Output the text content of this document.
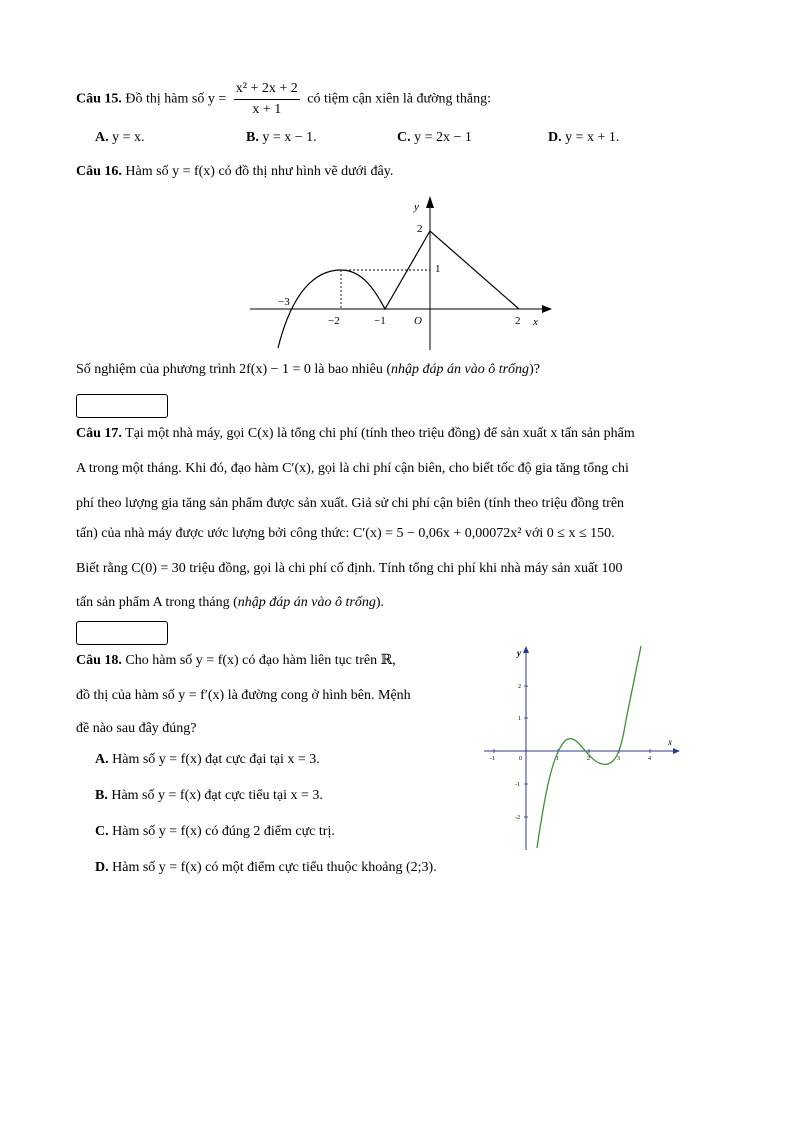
Câu 15. Đồ thị hàm số $y = \frac{\text{x² + 2x + 2}}{x + 1}$ có tiệm cận xiên là đường thẳng:
A. y = x.	B. y = x − 1.	C. y = 2x − 1	D. y = x + 1.
Câu 16. Hàm số y = f(x) có đồ thị như hình vẽ dưới đây.
y
2
1
−3
−2	−1	O	2 x
Số nghiệm của phương trình 2f(x) − 1 = 0 là bao nhiêu (nhập đáp án vào ô trống)?
Câu 17. Tại một nhà máy, gọi C(x) là tổng chi phí (tính theo triệu đồng) để sản xuất x tấn sản phẩm
A trong một tháng. Khi đó, đạo hàm C′(x), gọi là chi phí cận biên, cho biết tốc độ gia tăng tổng chi
phí theo lượng gia tăng sản phẩm được sản xuất. Giả sử chi phí cận biên (tính theo triệu đồng trên
tấn) của nhà máy được ước lượng bởi công thức: C′(x) = 5 − 0,06x + 0,00072x² với 0 ≤ x ≤ 150.
Biết rằng C(0) = 30 triệu đồng, gọi là chi phí cố định. Tính tổng chi phí khi nhà máy sản xuất 100
tấn sản phẩm A trong tháng (nhập đáp án vào ô trống).
Câu 18. Cho hàm số y = f(x) có đạo hàm liên tục trên ℝ,
đồ thị của hàm số y = f′(x) là đường cong ở hình bên. Mệnh
đề nào sau đây đúng?
A. Hàm số y = f(x) đạt cực đại tại x = 3.
B. Hàm số y = f(x) đạt cực tiểu tại x = 3.
C. Hàm số y = f(x) có đúng 2 điểm cực trị.
D. Hàm số y = f(x) có một điểm cực tiểu thuộc khoảng (2;3).
-1	0	1	2	3	4
2
1
-1
-2
y
x
